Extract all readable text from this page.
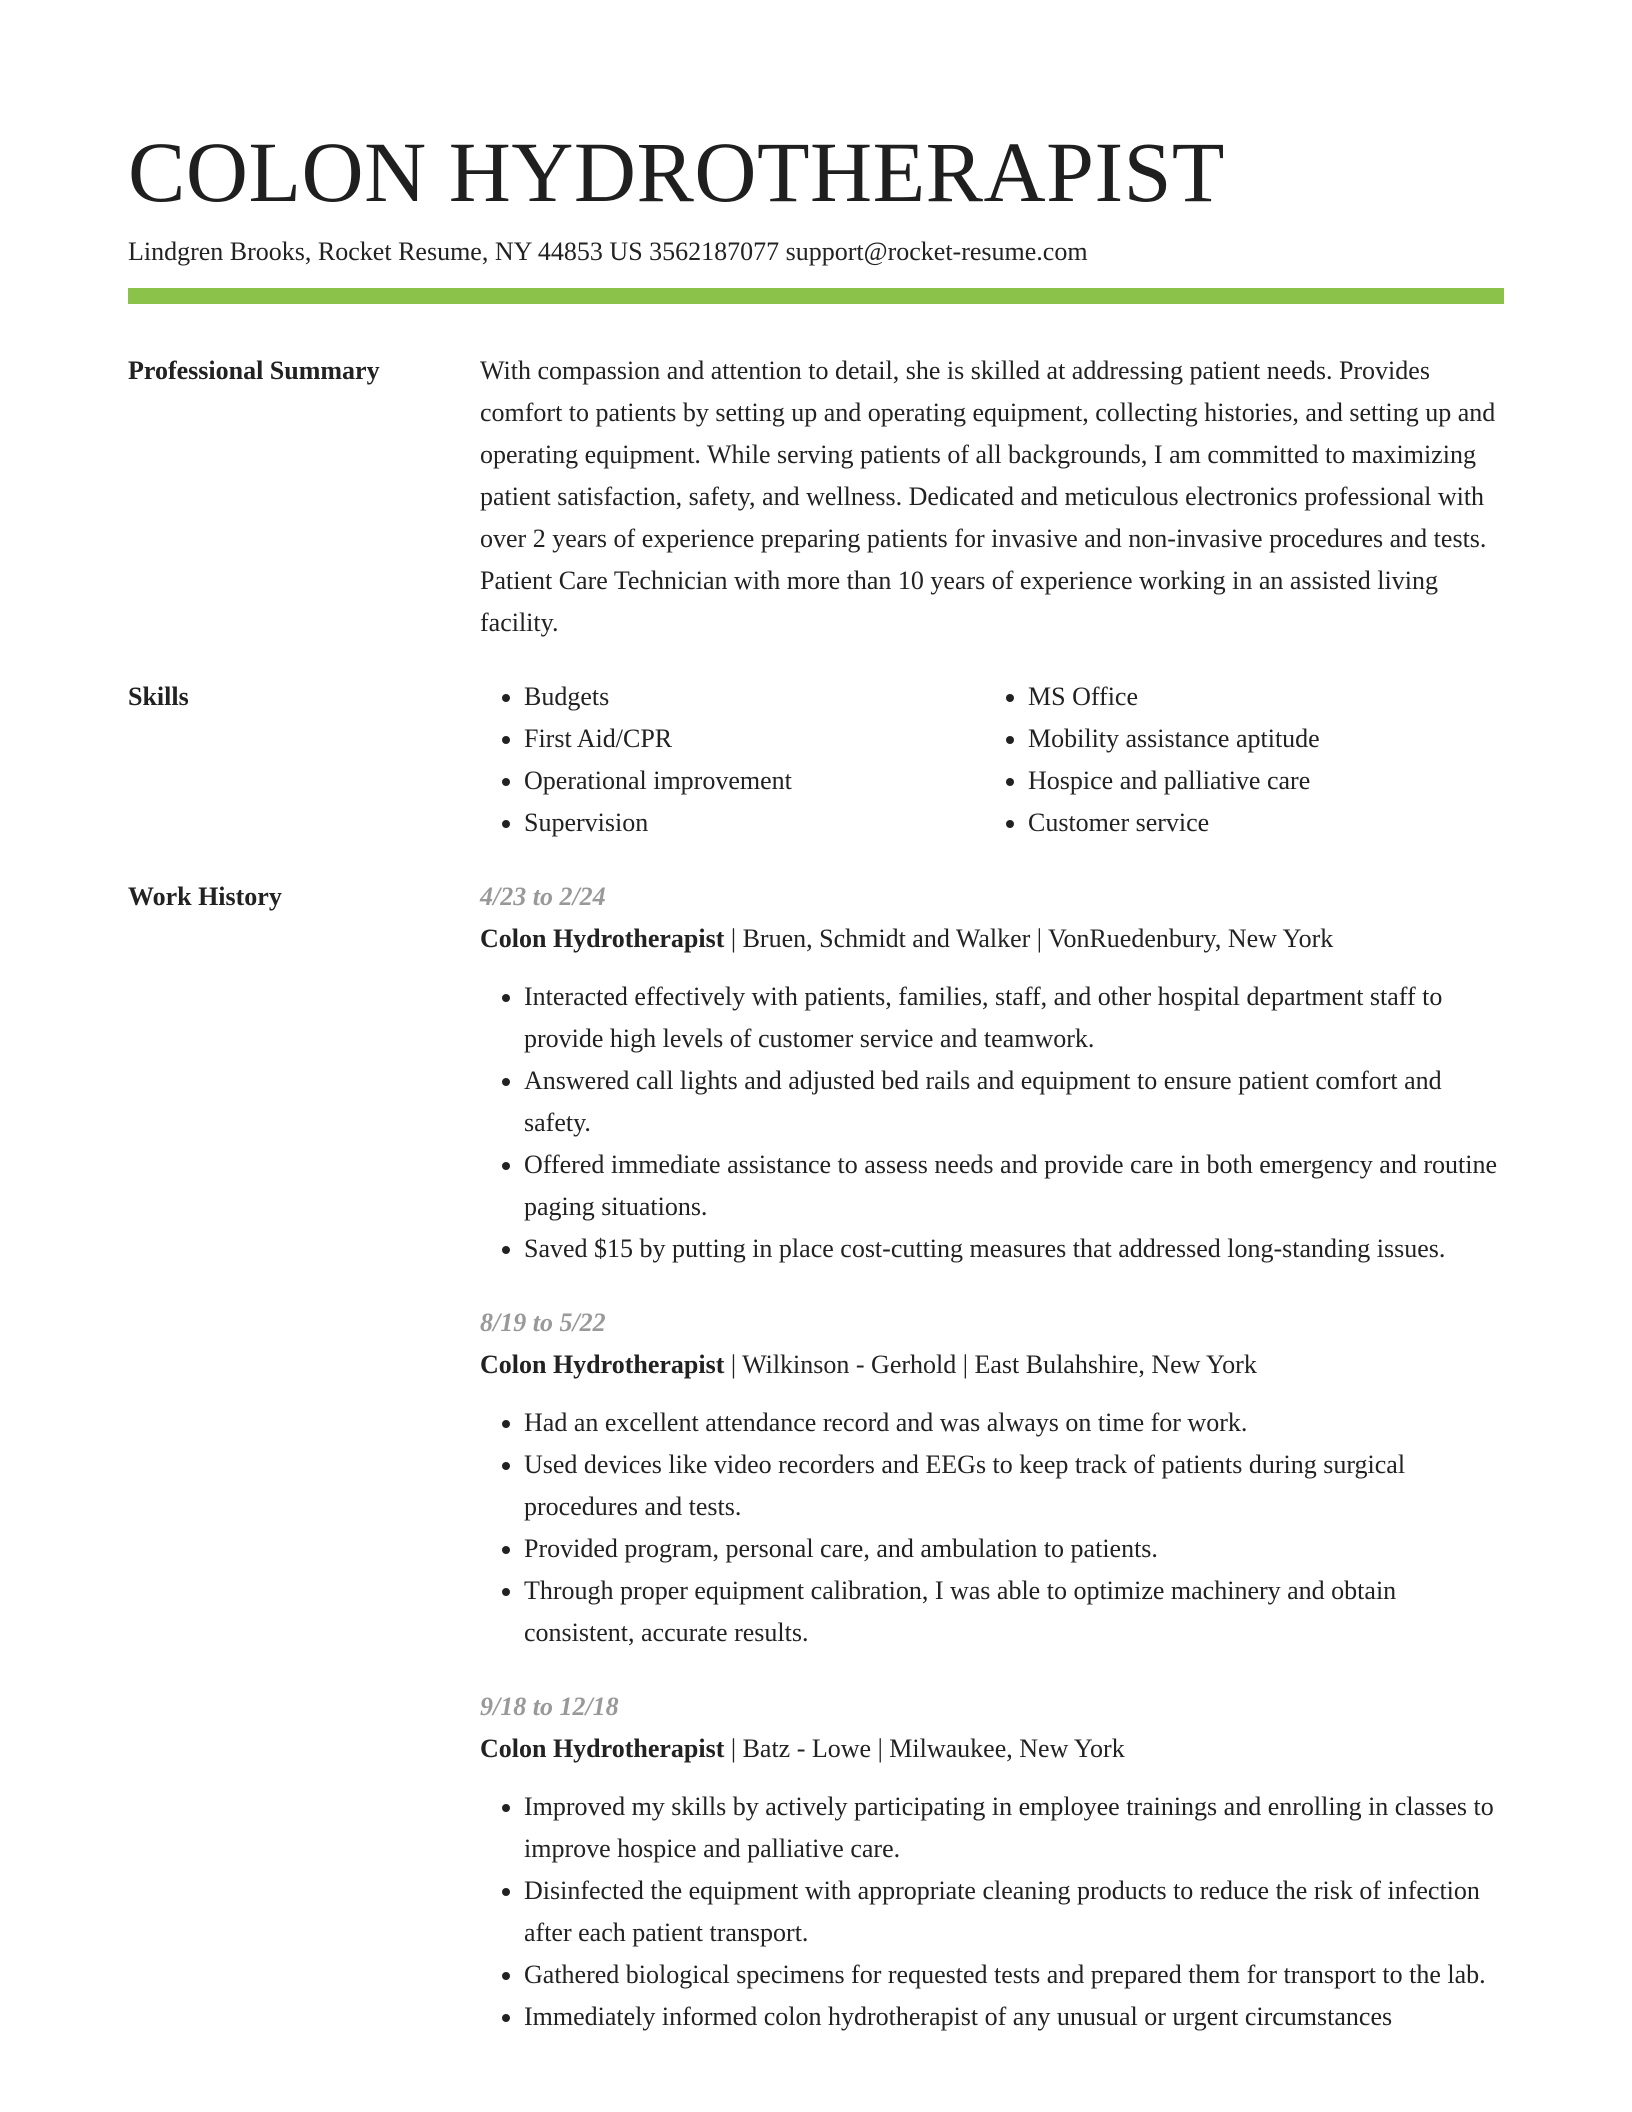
COLON HYDROTHERAPIST
Lindgren Brooks, Rocket Resume, NY 44853 US 3562187077 support@rocket-resume.com
Professional Summary	With compassion and attention to detail, she is skilled at addressing patient needs. Provides comfort to patients by setting up and operating equipment, collecting histories, and setting up and operating equipment. While serving patients of all backgrounds, I am committed to maximizing patient satisfaction, safety, and wellness. Dedicated and meticulous electronics professional with over 2 years of experience preparing patients for invasive and non-invasive procedures and tests. Patient Care Technician with more than 10 years of experience working in an assisted living facility.

Skills
•	Budgets
• First Aid/CPR
• Operational improvement
• Supervision
• MS Office
• Mobility assistance aptitude
• Hospice and palliative care
• Customer service
Work History	4/23 to 2/24
Colon Hydrotherapist | Bruen, Schmidt and Walker | VonRuedenbury, New York
• Interacted effectively with patients, families, staff, and other hospital department staff to provide high levels of customer service and teamwork.
• Answered call lights and adjusted bed rails and equipment to ensure patient comfort and safety.
• Offered immediate assistance to assess needs and provide care in both emergency and routine paging situations.
• Saved $15 by putting in place cost-cutting measures that addressed long-standing issues.
8/19 to 5/22
Colon Hydrotherapist | Wilkinson - Gerhold | East Bulahshire, New York
• Had an excellent attendance record and was always on time for work.
• Used devices like video recorders and EEGs to keep track of patients during surgical procedures and tests.
• Provided program, personal care, and ambulation to patients.
• Through proper equipment calibration, I was able to optimize machinery and obtain consistent, accurate results.
9/18 to 12/18
Colon Hydrotherapist | Batz - Lowe | Milwaukee, New York
• Improved my skills by actively participating in employee trainings and enrolling in classes to improve hospice and palliative care.
• Disinfected the equipment with appropriate cleaning products to reduce the risk of infection after each patient transport.
• Gathered biological specimens for requested tests and prepared them for transport to the lab.
• Immediately informed colon hydrotherapist of any unusual or urgent circumstances
